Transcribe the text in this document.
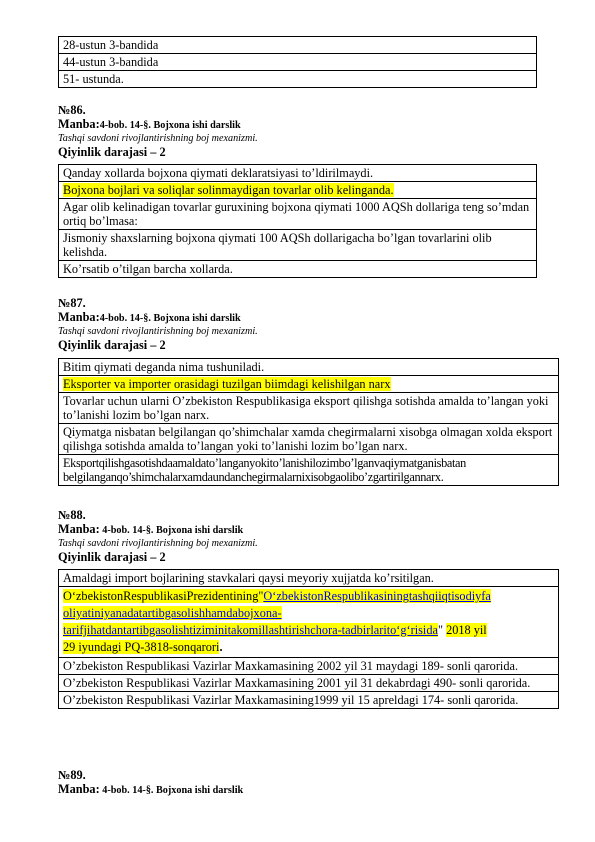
28-ustun 3-bandida
44-ustun 3-bandida
51- ustunda.
№86.
Manba:4-bob. 14-§. Bojxona ishi darslik
Tashqi savdoni rivojlantirishning boj mexanizmi.
Qiyinlik darajasi – 2
Qanday xollarda bojxona qiymati deklaratsiyasi to’ldirilmaydi.
Bojxona bojlari va soliqlar solinmaydigan tovarlar olib kelinganda.
Agar olib kelinadigan tovarlar guruxining bojxona qiymati 1000 AQSh dollariga teng so’mdan ortiq bo’lmasa:
Jismoniy shaxslarning bojxona qiymati 100 AQSh dollarigacha bo’lgan tovarlarini olib kelishda.
Ko’rsatib o’tilgan barcha xollarda.
№87.
Manba:4-bob. 14-§. Bojxona ishi darslik
Tashqi savdoni rivojlantirishning boj mexanizmi.
Qiyinlik darajasi – 2
Bitim qiymati deganda nima tushuniladi.
Eksporter va importer orasidagi tuzilgan biimdagi kelishilgan narx
Tovarlar uchun ularni O’zbekiston Respublikasiga eksport qilishga sotishda amalda to’langan yoki to’lanishi lozim bo’lgan narx.
Qiymatga nisbatan belgilangan qo’shimchalar xamda chegirmalarni xisobga olmagan xolda eksport qilishga sotishda amalda to’langan yoki to’lanishi lozim bo’lgan narx.
Eksportqilishgasotishdaamaldato’langanyokito’lanishilozimbo’lganvaqiymatganisbatan belgilanganqo’shimchalarxamdaundanchegirmalarnixisobgaolibo’zgartirilgannarx.
№88.
Manba: 4-bob. 14-§. Bojxona ishi darslik
Tashqi savdoni rivojlantirishning boj mexanizmi.
Qiyinlik darajasi – 2
Amaldagi import bojlarining stavkalari qaysi meyoriy xujjatda ko’rsitilgan.
O‘zbekistonRespublikasiPrezidentining"O‘zbekistonRespublikasiningtashqiiqtisodiyfa
oliyatiniyanadatartibgasolishhamdabojxona-
tarifjihatdantartibgasolishtiziminitakomillashtirishchora-tadbirlarito‘g‘risida" 2018 yil
29 iyundagi PQ-3818-sonqarori.
O’zbekiston Respublikasi Vazirlar Maxkamasining 2002 yil 31 maydagi 189- sonli qarorida.
O’zbekiston Respublikasi Vazirlar Maxkamasining 2001 yil 31 dekabrdagi 490- sonli qarorida.
O’zbekiston Respublikasi Vazirlar Maxkamasining1999 yil 15 apreldagi 174- sonli qarorida.
№89.
Manba: 4-bob. 14-§. Bojxona ishi darslik
